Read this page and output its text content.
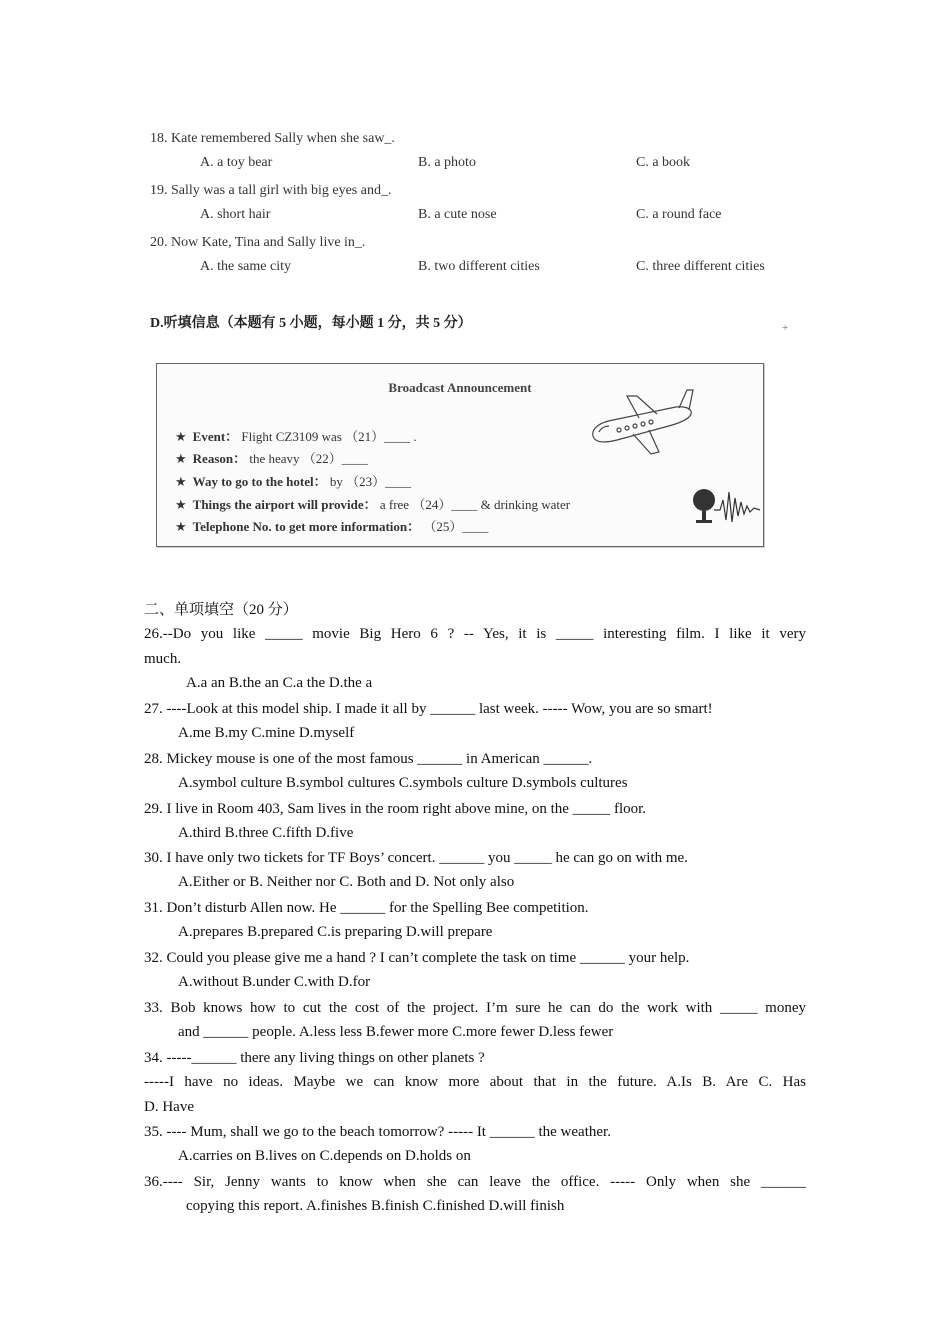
18. Kate remembered Sally when she saw_.
A. a toy bear	B. a photo	C. a book
19. Sally was a tall girl with big eyes and_.
A. short hair	B. a cute nose	C. a round face
20. Now Kate, Tina and Sally live in_.
A. the same city	B. two different cities	C. three different cities
D.听填信息（本题有 5 小题，每小题 1 分，共 5 分）	+
Broadcast Announcement
★ Event： Flight CZ3109 was （21）____ .
★ Reason： the heavy （22）____
★ Way to go to the hotel： by （23）____
★ Things the airport will provide： a free （24）____ & drinking water
★ Telephone No. to get more information： （25）____
二、单项填空（20 分）
26.--Do you like _____ movie Big Hero 6 ? -- Yes, it is _____ interesting film. I like it very
much.
A.a an B.the an C.a the D.the a
27. ----Look at this model ship. I made it all by ______ last week. ----- Wow, you are so smart!
A.me B.my C.mine D.myself
28. Mickey mouse is one of the most famous ______ in American ______.
A.symbol culture B.symbol cultures C.symbols culture D.symbols cultures
29. I live in Room 403, Sam lives in the room right above mine, on the _____ floor.
A.third B.three C.fifth D.five
30. I have only two tickets for TF Boys’ concert. ______ you _____ he can go on with me.
A.Either or B. Neither nor C. Both and D. Not only also
31. Don’t disturb Allen now. He ______ for the Spelling Bee competition.
A.prepares B.prepared C.is preparing D.will prepare
32. Could you please give me a hand ? I can’t complete the task on time ______ your help.
A.without B.under C.with D.for
33. Bob knows how to cut the cost of the project. I’m sure he can do the work with _____ money
and ______ people. A.less less B.fewer more C.more fewer D.less fewer
34. -----______ there any living things on other planets ?
-----I have no ideas. Maybe we can know more about that in the future. A.Is B. Are C. Has
D. Have
35. ---- Mum, shall we go to the beach tomorrow? ----- It ______ the weather.
A.carries on B.lives on C.depends on D.holds on
36.---- Sir, Jenny wants to know when she can leave the office. ----- Only when she ______
copying this report. A.finishes B.finish C.finished D.will finish
